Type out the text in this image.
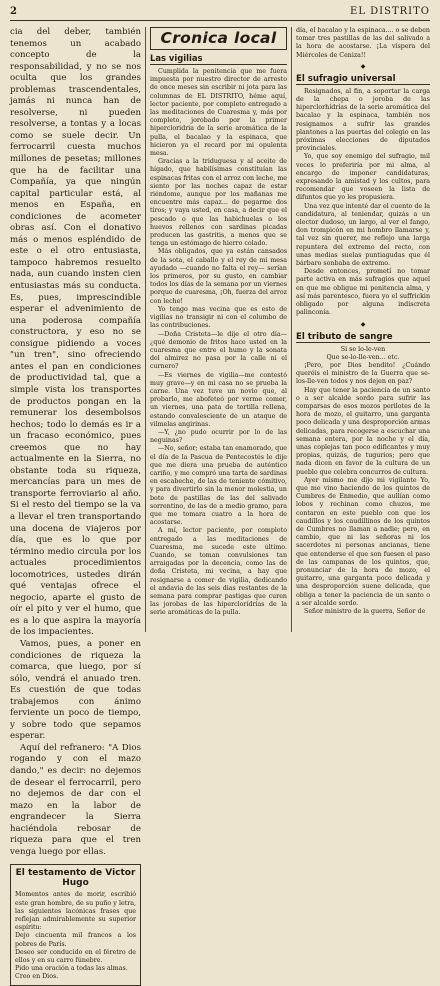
2	EL DISTRITO

cia del deber, también tenemos un acabado concepto de la responsabilidad, y no se nos oculta que los grandes problemas trascendentales, jamás ni nunca han de resolverse, ni pueden resolverse, a tontas y a locas como se suele decir. Un ferrocarril cuesta muchos millones de pesetas; millones que ha de facilitar una Compañía, ya que ningún capital particular está, al menos en España, en condiciones de acometer obras así. Con el donativo más o menos espléndido de este o el otro entusiasta, tampoco habremos resuelto nada, aun cuando insten cien entusiastas más su conducta. Es, pues, imprescindible esperar el advenimiento de una poderosa compañía constructora, y eso no se consigue pidiendo a voces "un tren", sino ofreciendo antes el pan en condiciones de productividad tal, que a simple vista los transportes de productos pongan en la remunerar los desembolsos hechos; todo lo demás es ir a un fracaso económico, pues creemos que no hay actualmente en la Sierra, no obstante toda su riqueza, mercancías para un mes de transporte ferroviario al año. Si el resto del tiempo se la va a llevar el tren transportando una docena de viajeros por día, que es lo que por término medio circula por los actuales procedimientos locomotrices, ustedes dirán qué ventajas ofrece el negocio, aparte el gusto de oír el pito y ver el humo, que es a lo que aspira la mayoría de los impacientes.

Vamos, pues, a poner en condiciones de riqueza la comarca, que luego, por sí sólo, vendrá el anuado tren. Es cuestión de que todas trabajemos con ánimo ferviente un poco de tiempo, y sobre todo que sepamos esperar.

Aquí del refranero: "A Dios rogando y con el mazo dando," es decir: no dejemos de desear el ferrocarril, pero no dejemos de dar con el mazo en la labor de engrandecer la Sierra haciéndola rebosar de riqueza para que el tren venga luego por ellas.

El testamento de Victor Hugo

Momentos antes de morir, escribió este gran hombre, de su puño y letra, las siguientes lacónicas frases que reflejan admirablemente su superior espíritu:

Dejo cincuenta mil francos a los pobres de París.

Deseo ser conducido en el féretro de ellos y en su carro fúnebre.

Pido una oración a todas las almas.

Creo en Dios.

Cronica local
Las vigilias

Cumplida la penitencia que me fuera impuesta por nuestro director de arresto de once meses sin escribir ni jota para las columnas de EL DISTRITO, héme aquí, lector paciente, por completo entregado a las meditaciones de Cuaresma y, más por completo, jorobado por la primer hipercloridria de la serie aromática de la pulla, el bacalao y la espinaca, que hicieron ya el recard por mi opulenta mesa.

Gracias a la triduguesa y al aceite de hígado, que habilísimas constituían las espinacas fritas con el arroz con leche, me siento por las noches capaz de estar riéndome, aunque por los mañanas me encuentre más capaz... de pegarme dos tiros; y vaya usted, en casa, a decir que el pescado o que las habichuelas o los huevos rellenos con sardinas picadas producen las gastritis, a menos que se tenga un estómago de hierro colado.

Más obligados, que ya están cansados de la sota, el caballo y el rey de mi mesa ayudado —cuando no falta el rey— serían los primeros, por su gusto, en cambiar todos los días de la semana por un viernes porque de cuaresma, ¡Oh, fuerza del arroz con leche!

Yo tengo mas vecina que es esto de vigilias no transigir ni con el columbo de las contribuciones.

—Doña Cristeta—le dije el otro día—¿qué demonio de fritos hace usted en la cuaresma que entre el humo y la sonata del almirez no pasa por la calle ni el curnero?

—Es viernes de vigilia—me contestó muy grave—y en mi casa no se prueba la carne. Una vez tuve un novio que, al probarlo, me abofeteó por verme comer, un viernes, una pata de tortilla rellena, estando convalesciente de un ataque de vilmelas angirinas.

—Y, ¿no pudo ocurrir por lo de las neguinas?

—No, señor; estaba tan enamorado, que el día de la Pascua de Pentecostés le dije que me diera una prueba de auténtico cariño, y me compró una tarta de sardinas en escabeche, de las de teniente cómitivo, y para divertirlo sin la menor molestia, un bote de pastillas de las del salivado sorrentino, de las de a medio gramo, para que me tomara cuatro a la hora de acostarse.

A mí, lector paciente, por completo entregado a las meditaciones de Cuaresma, me sucede este último. Cuando, se toman convulsiones tan arraigadas por la decencia, como las de doña Cristeta, mi vecina, a hay que resignarse a comer de vigilia, dedicando el andavia de las seis dias restantes de la semana para comprar pastigas que curen las jorobas de las hiperclorídrías de la serie aromáticas de la pulla.

día, el bacalao y la espinaca.... o se deben tomar tres pastillas de las del salivado a la hora de acostarse. ¡La víspera del Miércoles de Ceniza!!

◆
El sufragio universal

Resignados, al fin, a soportar la carga de la chepa o joroba de las hiperclorhídrías de la serie aromática del bacalao y la espinaca, también nos resignamos a sufrir las grandes plantones a las puertas del colegio en las próximas elecciones de diputados provinciales.

Yo, que soy enemigo del sufragio, mil veces lo preferiría por mi alma, al encargo de imponer candidaturas, expresando la amistad y los cultos, para recomendar que voseen la lista de difuntos que yo les propusiera.

Una vez que intenté dar el cuento de la candidatura, al teniendar, quizás a un elector dudoso, un largo, al ver el fango, don trompicón en mi hombro llamarse y, tal vez sin querer, me reflejo una larga repuntera del extremo del recto, con unas medias suelas puntiagudas que él bárbaro sonbaba de extremo.

Desde entonces, prometí no tomar parte activa en más sufragios que aquel en que me obligue mi penitencia alma, y así más parentesco, fuera yo el suffrickin obligado por alguna indiscreta palinconía.

◆
El tributo de sangre

Si se lo-le-ven

Que se-lo-lle-ven... etc.

¡Pero, por Dios bendito! ¿Cuándo queréis el ministro de la Guerra que se-los-lle-ven todos y nos dejen en paz?

Hay que tener la paciencia de un santo o a ser alcalde sordo para sufrir las comparsas de esos mozos perilotes de la hora de mozo, el guitarro, una garganta poco delicada y una desproporción armas delicadas, para recogerse a escuchar una semana entera, por la noche y el día, unas coplejas tan poco edificantes y muy propias, quizás, de tugurios; pero que nada dicen en favor de la cultura de un pueblo que celebra concurros de cultura.

Ayer mismo me dijo mi vigilante Yo, que me vino haciendo de los quintos de Cumbres de Enmedio, que aullían como lobos y rechinan como chuzos, me contaron en este pueblo con que los caudillos y los caudillinos de los quintos de Cumbres no llaman a nadie; pero, en cambio, que ni las señoras ni los sacerdotes ni personas ancianas, tiene que entenderse el que son fuesen el paso de las campanas de los quintos, que, pronunciar de la hora de mozo, el guitarro, una garganta poco delicada y una desproporción suene delicada, que obliga a tener la paciencia de un santo o a ser alcalde sordo.

Señor ministro de la guerra, Señor de
